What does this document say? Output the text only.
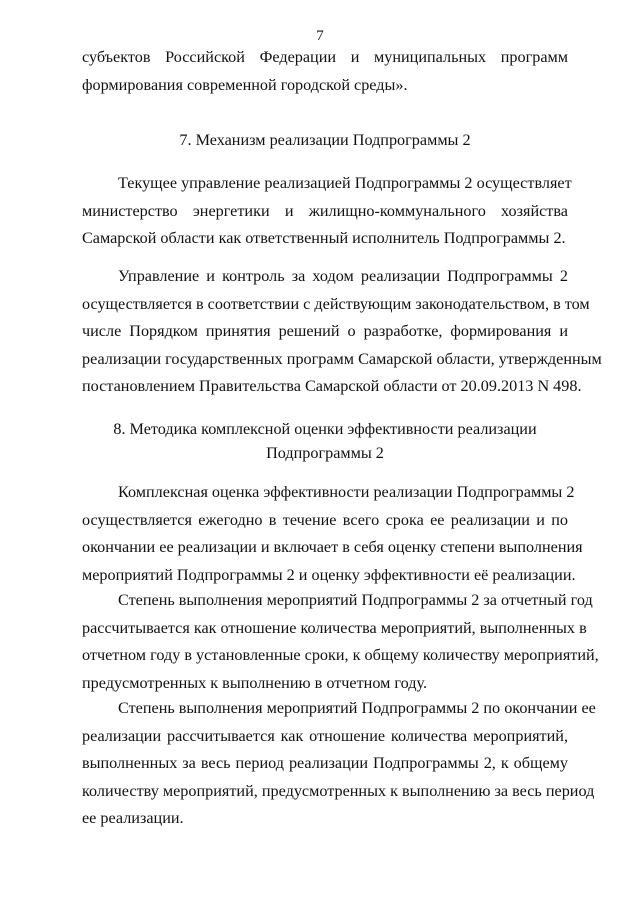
7
субъектов Российской Федерации и муниципальных программ
формирования современной городской среды».
7. Механизм реализации Подпрограммы 2
Текущее управление реализацией Подпрограммы 2 осуществляет
министерство энергетики и жилищно-коммунального хозяйства
Самарской области как ответственный исполнитель Подпрограммы 2.
Управление и контроль за ходом реализации Подпрограммы 2
осуществляется в соответствии с действующим законодательством, в том
числе Порядком принятия решений о разработке, формирования и
реализации государственных программ Самарской области, утвержденным
постановлением Правительства Самарской области от 20.09.2013 N 498.
8. Методика комплексной оценки эффективности реализации
Подпрограммы 2
Комплексная оценка эффективности реализации Подпрограммы 2
осуществляется ежегодно в течение всего срока ее реализации и по
окончании ее реализации и включает в себя оценку степени выполнения
мероприятий Подпрограммы 2 и оценку эффективности её реализации.
Степень выполнения мероприятий Подпрограммы 2 за отчетный год
рассчитывается как отношение количества мероприятий, выполненных в
отчетном году в установленные сроки, к общему количеству мероприятий,
предусмотренных к выполнению в отчетном году.
Степень выполнения мероприятий Подпрограммы 2 по окончании ее
реализации рассчитывается как отношение количества мероприятий,
выполненных за весь период реализации Подпрограммы 2, к общему
количеству мероприятий, предусмотренных к выполнению за весь период
ее реализации.
